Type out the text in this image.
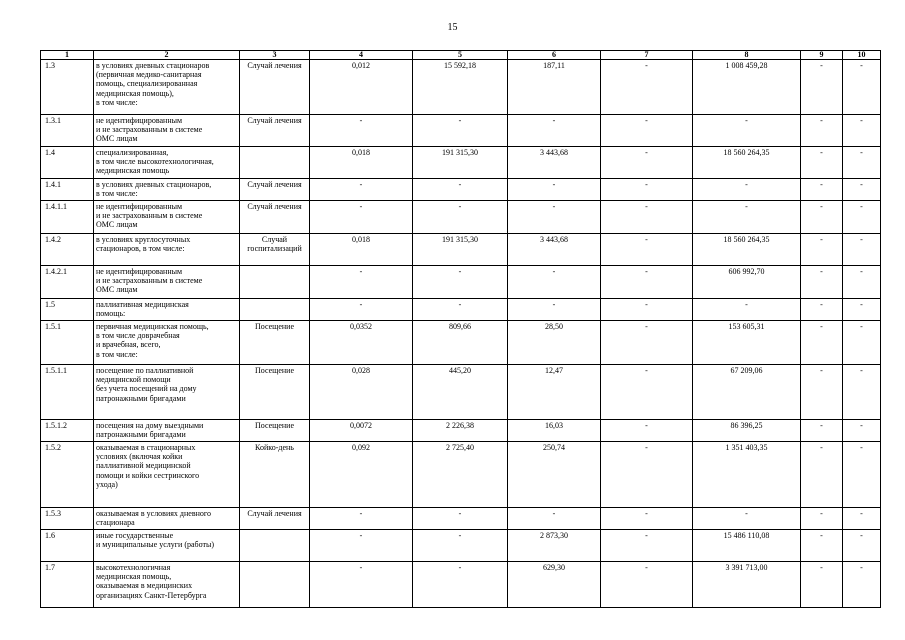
15
1	2	3	4	5	6	7	8	9	10
1.3	в условиях дневных стационаров
(первичная медико-санитарная
помощь, специализированная
медицинская помощь),
в том числе:	Случай лечения	0,012	15 592,18	187,11	-	1 008 459,28	-	-
1.3.1	не идентифицированным
и не застрахованным в системе
ОМС лицам	Случай лечения	-	-	-	-	-	-	-
1.4	специализированная,
в том числе высокотехнологичная,
медицинская помощь		0,018	191 315,30	3 443,68	-	18 560 264,35	-	-
1.4.1	в условиях дневных стационаров,
в том числе:	Случай лечения	-	-	-	-	-	-	-
1.4.1.1	не идентифицированным
и не застрахованным в системе
ОМС лицам	Случай лечения	-	-	-	-	-	-	-
1.4.2	в условиях круглосуточных
стационаров, в том числе:	Случай
госпитализаций	0,018	191 315,30	3 443,68	-	18 560 264,35	-	-
1.4.2.1	не идентифицированным
и не застрахованным в системе
ОМС лицам		-	-	-	-	606 992,70	-	-
1.5	паллиативная медицинская
помощь:		-	-	-	-	-	-	-
1.5.1	первичная медицинская помощь,
в том числе доврачебная
и врачебная, всего,
в том числе:	Посещение	0,0352	809,66	28,50	-	153 605,31	-	-
1.5.1.1	посещение по паллиативной
медицинской помощи
без учета посещений на дому
патронажными бригадами	Посещение	0,028	445,20	12,47	-	67 209,06	-	-
1.5.1.2	посещения на дому выездными
патронажными бригадами	Посещение	0,0072	2 226,38	16,03	-	86 396,25	-	-
1.5.2	оказываемая в стационарных
условиях (включая койки
паллиативной медицинской
помощи и койки сестринского
ухода)	Койко-день	0,092	2 725,40	250,74	-	1 351 403,35	-	-
1.5.3	оказываемая в условиях дневного
стационара	Случай лечения	-	-	-	-	-	-	-
1.6	иные государственные
и муниципальные услуги (работы)		-	-	2 873,30	-	15 486 110,08	-	-
1.7	высокотехнологичная
медицинская помощь,
оказываемая в медицинских
организациях Санкт-Петербурга		-	-	629,30	-	3 391 713,00	-	-
